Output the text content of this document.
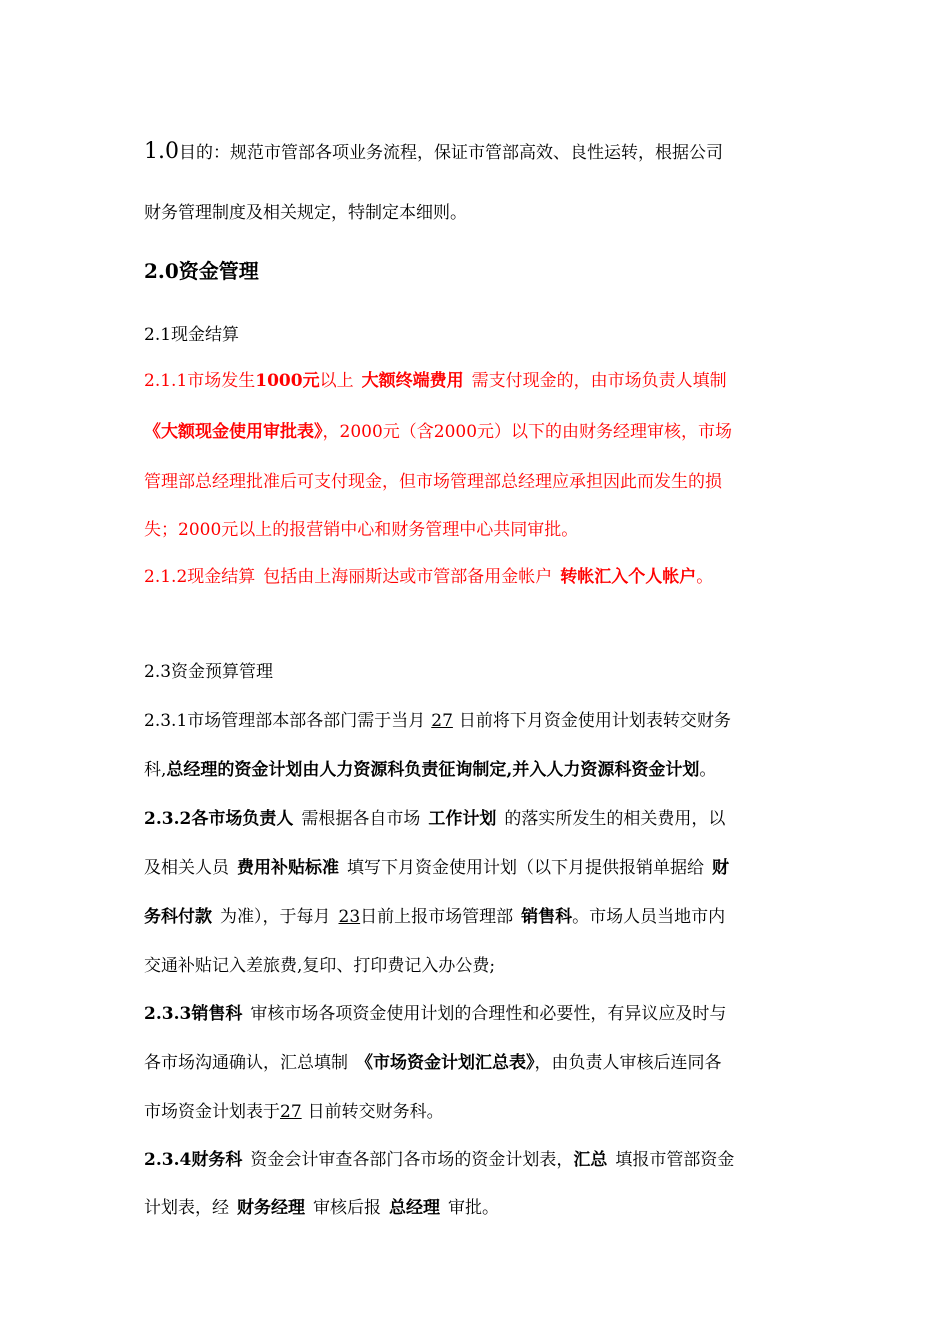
1.0目的：规范市管部各项业务流程，保证市管部高效、良性运转，根据公司
财务管理制度及相关规定，特制定本细则。
2.0资金管理
2.1现金结算
2.1.1市场发生1000元以上 大额终端费用 需支付现金的，由市场负责人填制
《大额现金使用审批表》，2000元（含2000元）以下的由财务经理审核，市场
管理部总经理批准后可支付现金，但市场管理部总经理应承担因此而发生的损
失；2000元以上的报营销中心和财务管理中心共同审批。
2.1.2现金结算 包括由上海丽斯达或市管部备用金帐户 转帐汇入个人帐户。
2.3资金预算管理
2.3.1市场管理部本部各部门需于当月 27 日前将下月资金使用计划表转交财务
科,总经理的资金计划由人力资源科负责征询制定,并入人力资源科资金计划。
2.3.2各市场负责人 需根据各自市场 工作计划 的落实所发生的相关费用，以
及相关人员 费用补贴标准 填写下月资金使用计划（以下月提供报销单据给 财
务科付款 为准），于每月 23日前上报市场管理部 销售科。市场人员当地市内
交通补贴记入差旅费,复印、打印费记入办公费;
2.3.3销售科 审核市场各项资金使用计划的合理性和必要性，有异议应及时与
各市场沟通确认，汇总填制 《市场资金计划汇总表》，由负责人审核后连同各
市场资金计划表于27 日前转交财务科。
2.3.4财务科 资金会计审查各部门各市场的资金计划表，汇总 填报市管部资金
计划表，经 财务经理 审核后报 总经理 审批。
